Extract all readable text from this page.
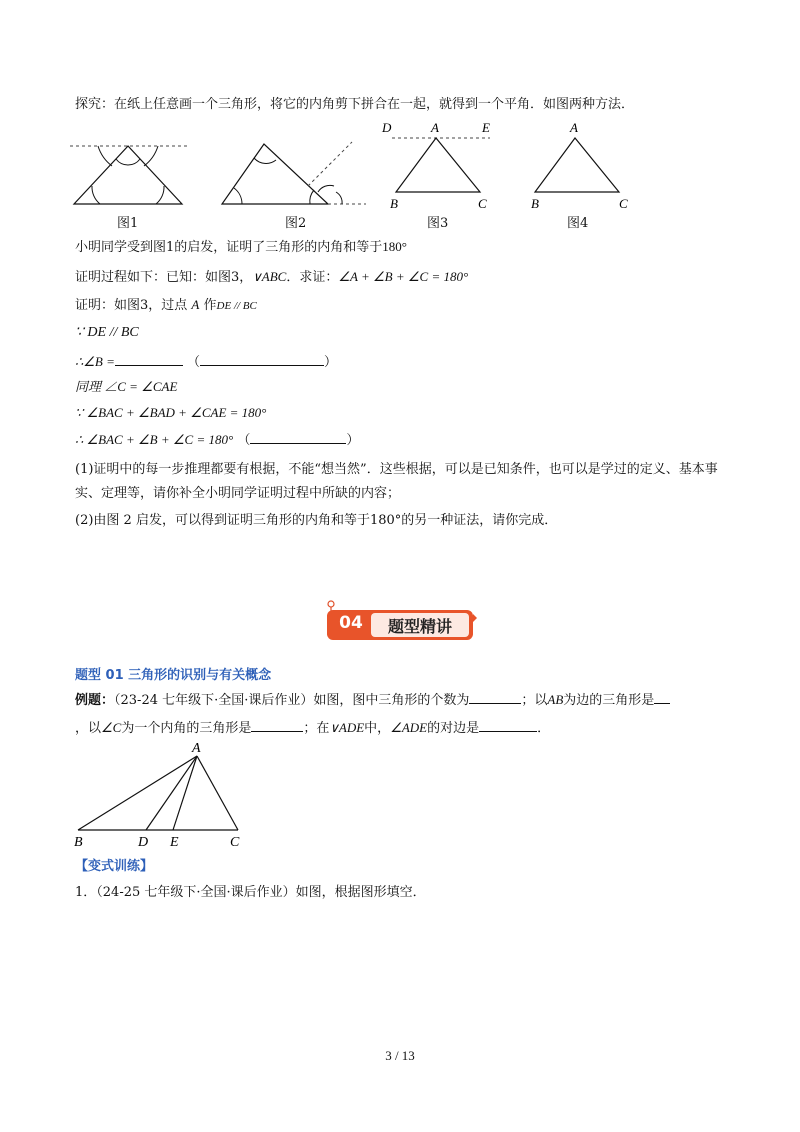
探究：在纸上任意画一个三角形，将它的内角剪下拼合在一起，就得到一个平角．如图两种方法．
图1	图2
D	A	E
B	C
图3
A
B	C
图4
小明同学受到图1的启发，证明了三角形的内角和等于180°
证明过程如下：已知：如图3，∨ABC．求证：∠A + ∠B + ∠C = 180°
证明：如图3，过点 A 作DE // BC
∵ DE // BC
∴∠B =	（	）
同理 ∠C = ∠CAE
∵ ∠BAC + ∠BAD + ∠CAE = 180°
∴ ∠BAC + ∠B + ∠C = 180° （	）
(1)证明中的每一步推理都要有根据，不能“想当然”．这些根据，可以是已知条件，也可以是学过的定义、基本事实、定理等，请你补全小明同学证明过程中所缺的内容；
(2)由图 2 启发，可以得到证明三角形的内角和等于180°的另一种证法，请你完成．
04	题型精讲
题型 01 三角形的识别与有关概念
例题：（23-24 七年级下·全国·课后作业）如图，图中三角形的个数为	；以AB为边的三角形是
，以∠C为一个内角的三角形是	；在∨ADE中，∠ADE的对边是	．
A
B	D E	C
【变式训练】
1．（24-25 七年级下·全国·课后作业）如图，根据图形填空．
3 / 13
